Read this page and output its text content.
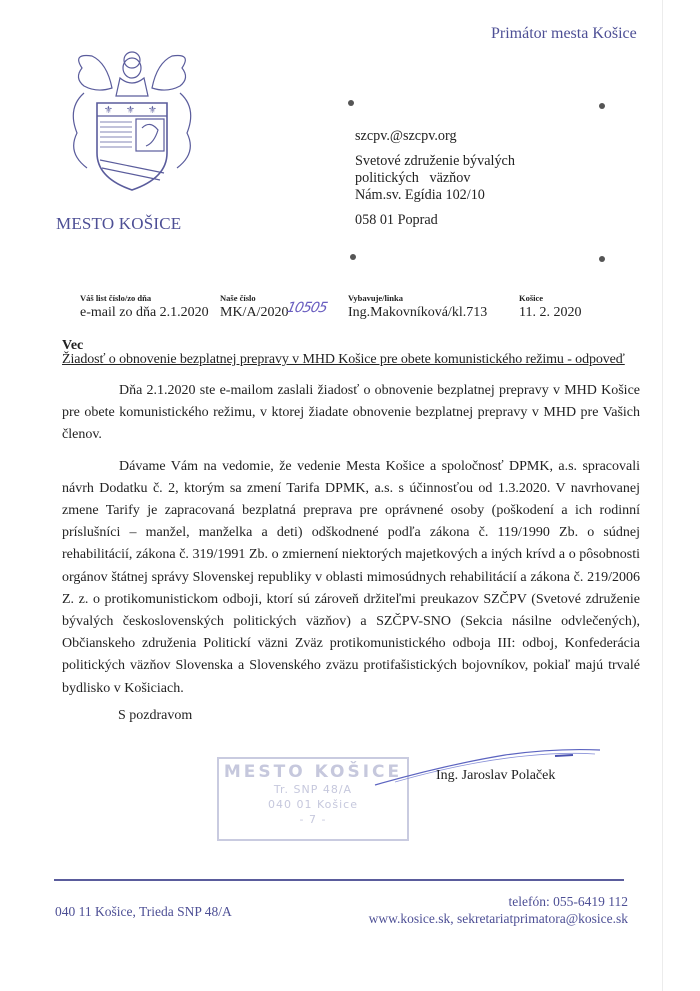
⚜ ⚜ ⚜
MESTO KOŠICE
Primátor mesta Košice
szcpv.@szcpv.org
Svetové združenie bývalých
politických   väzňov
Nám.sv. Egídia 102/10
058 01 Poprad
Váš list číslo/zo dňa
e-mail zo dňa 2.1.2020
Naše číslo
MK/A/2020
10505
Vybavuje/linka
Ing.Makovníková/kl.713
Košice
11. 2. 2020
Vec
Žiadosť o obnovenie bezplatnej prepravy v MHD Košice pre obete komunistického režimu - odpoveď

Dňa 2.1.2020 ste e-mailom zaslali žiadosť o obnovenie bezplatnej prepravy v MHD Košice pre obete komunistického režimu, v ktorej žiadate obnovenie bezplatnej prepravy v MHD pre Vašich členov.

Dávame Vám na vedomie, že vedenie Mesta Košice a spoločnosť DPMK, a.s. spracovali návrh Dodatku č. 2, ktorým sa zmení Tarifa DPMK, a.s. s účinnosťou od 1.3.2020. V navrhovanej zmene Tarify je zapracovaná bezplatná preprava pre oprávnené osoby (poškodení a ich rodinní príslušníci – manžel, manželka a deti) odškodnené podľa zákona č. 119/1990 Zb. o súdnej rehabilitácií, zákona č. 319/1991 Zb. o zmiernení niektorých majetkových a iných krívd a o pôsobnosti orgánov štátnej správy Slovenskej republiky v oblasti mimosúdnych rehabilitácií a zákona č. 219/2006 Z. z. o protikomunistickom odboji, ktorí sú zároveň držiteľmi preukazov SZČPV (Svetové združenie bývalých československých politických väzňov) a SZČPV-SNO (Sekcia násilne odvlečených), Občianskeho združenia Politickí väzni Zväz protikomunistického odboja III: odboj, Konfederácia politických väzňov Slovenska a Slovenského zväzu protifašistických bojovníkov, pokiaľ majú trvalé bydlisko v Košiciach.

S pozdravom
MESTO KOŠICE
Tr. SNP 48/A
040 01 Košice
- 7 -
Ing. Jaroslav Polaček
040 11 Košice, Trieda SNP 48/A
telefón: 055-6419 112
www.kosice.sk, sekretariatprimatora@kosice.sk
